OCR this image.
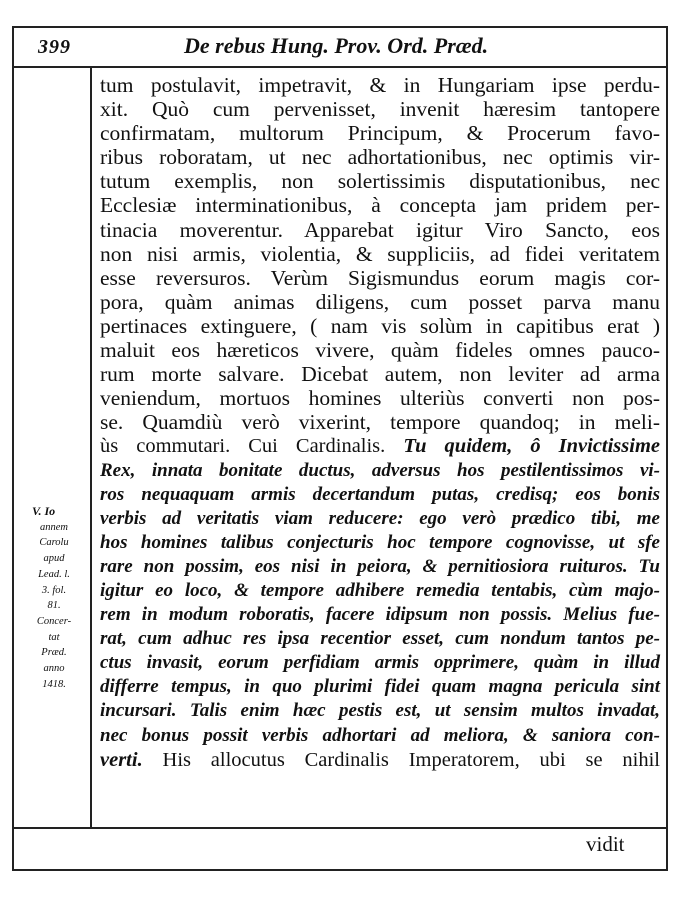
399	De rebus Hung. Prov. Ord. Præd.
tum postulavit, impetravit, & in Hungariam ipse perdu-
xit. Quò cum pervenisset, invenit hæresim tantopere
confirmatam, multorum Principum, & Procerum favo-
ribus roboratam, ut nec adhortationibus, nec optimis vir-
tutum exemplis, non solertissimis disputationibus, nec
Ecclesiæ interminationibus, à concepta jam pridem per-
tinacia moverentur. Apparebat igitur Viro Sancto, eos
non nisi armis, violentia, & suppliciis, ad fidei veritatem
esse reversuros. Verùm Sigismundus eorum magis cor-
pora, quàm animas diligens, cum posset parva manu
pertinaces extinguere, ( nam vis solùm in capitibus erat )
maluit eos hæreticos vivere, quàm fideles omnes pauco-
rum morte salvare. Dicebat autem, non leviter ad arma
veniendum, mortuos homines ulteriùs converti non pos-
se. Quamdiù verò vixerint, tempore quandoq; in meli-
ùs commutari. Cui Cardinalis. Tu quidem, ô Invictissime
Rex, innata bonitate ductus, adversus hos pestilentissimos vi-
ros nequaquam armis decertandum putas, credisq; eos bonis
verbis ad veritatis viam reducere: ego verò prædico tibi, me
hos homines talibus conjecturis hoc tempore cognovisse, ut sfe
rare non possim, eos nisi in peiora, & pernitiosiora ruituros. Tu
igitur eo loco, & tempore adhibere remedia tentabis, cùm majo-
rem in modum roboratis, facere idipsum non possis. Melius fue-
rat, cum adhuc res ipsa recentior esset, cum nondum tantos pe-
ctus invasit, eorum perfidiam armis opprimere, quàm in illud
differre tempus, in quo plurimi fidei quam magna pericula sint
incursari. Talis enim hæc pestis est, ut sensim multos invadat,
nec bonus possit verbis adhortari ad meliora, & saniora con-
verti. His allocutus Cardinalis Imperatorem, ubi se nihil
V. Io
annem
Carolu
apud
Lead. l.
3. fol.
81.
Concer-
tat
Præd.
anno
1418.
vidit
